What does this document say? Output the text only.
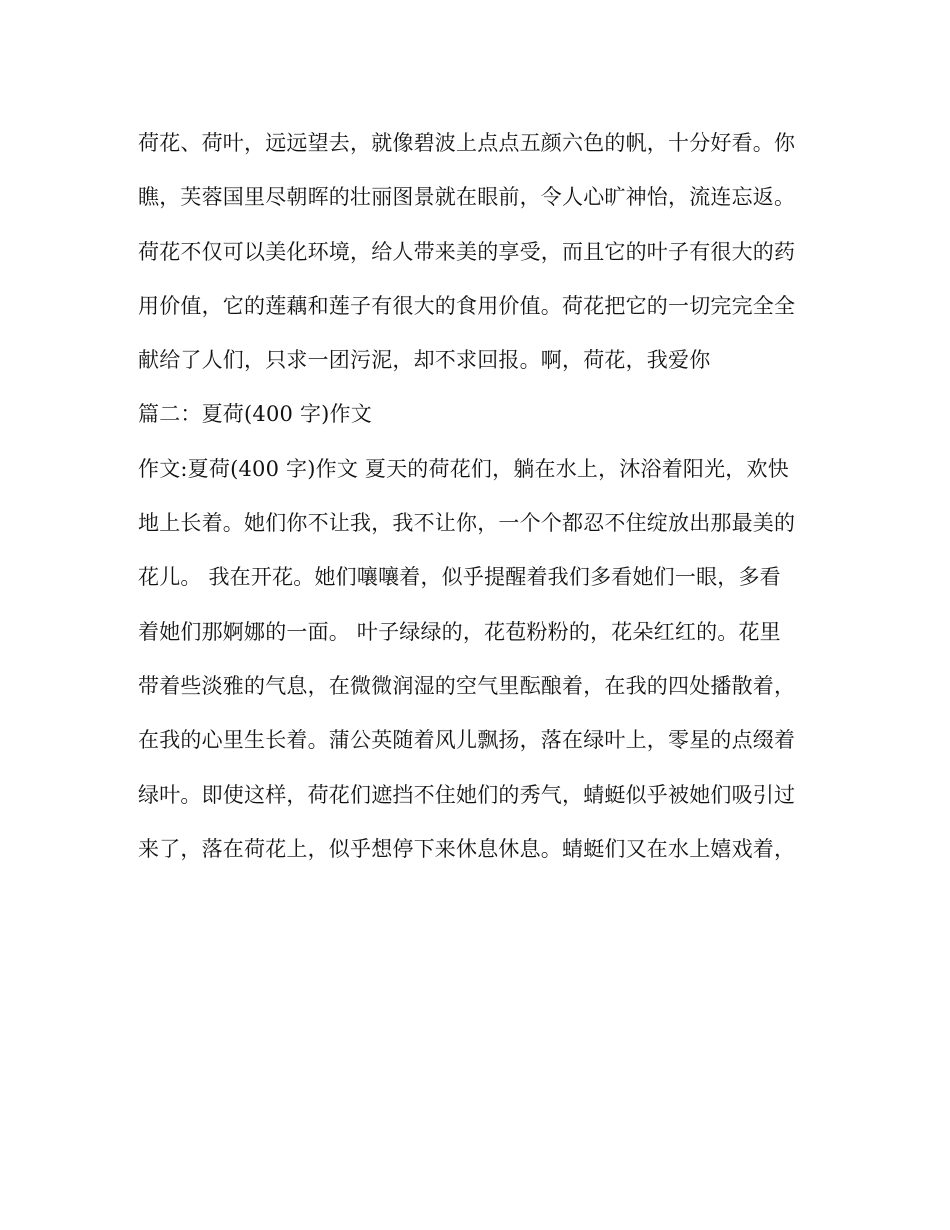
荷花、荷叶，远远望去，就像碧波上点点五颜六色的帆，十分好看。你
瞧，芙蓉国里尽朝晖的壮丽图景就在眼前，令人心旷神怡，流连忘返。
荷花不仅可以美化环境，给人带来美的享受，而且它的叶子有很大的药
用价值，它的莲藕和莲子有很大的食用价值。荷花把它的一切完完全全
献给了人们，只求一团污泥，却不求回报。啊，荷花，我爱你
篇二：夏荷(400 字)作文
作文:夏荷(400 字)作文 夏天的荷花们，躺在水上，沐浴着阳光，欢快
地上长着。她们你不让我，我不让你，一个个都忍不住绽放出那最美的
花儿。 我在开花。她们嚷嚷着，似乎提醒着我们多看她们一眼，多看
着她们那婀娜的一面。 叶子绿绿的，花苞粉粉的，花朵红红的。花里
带着些淡雅的气息，在微微润湿的空气里酝酿着，在我的四处播散着，
在我的心里生长着。蒲公英随着风儿飘扬，落在绿叶上，零星的点缀着
绿叶。即使这样，荷花们遮挡不住她们的秀气，蜻蜓似乎被她们吸引过
来了，落在荷花上，似乎想停下来休息休息。蜻蜓们又在水上嬉戏着，
